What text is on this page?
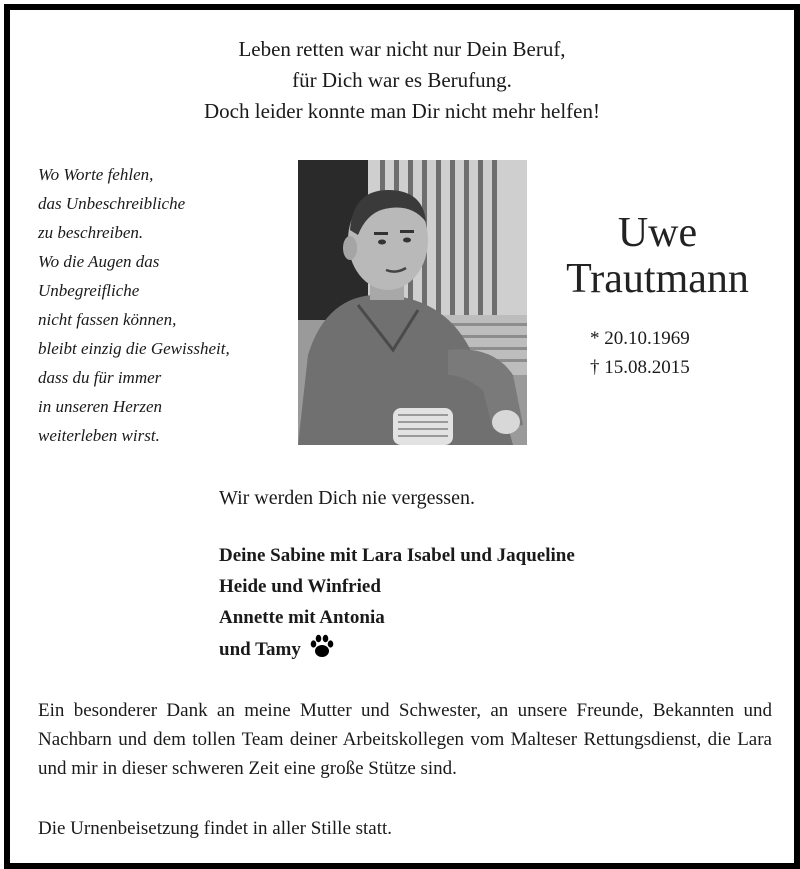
Leben retten war nicht nur Dein Beruf,
für Dich war es Berufung.
Doch leider konnte man Dir nicht mehr helfen!
Wo Worte fehlen,
das Unbeschreibliche
zu beschreiben.
Wo die Augen das
Unbegreifliche
nicht fassen können,
bleibt einzig die Gewissheit,
dass du für immer
in unseren Herzen
weiterleben wirst.
Uwe
Trautmann
* 20.10.1969
† 15.08.2015
Wir werden Dich nie vergessen.
Deine Sabine mit Lara Isabel und Jaqueline
Heide und Winfried
Annette mit Antonia
und Tamy
Ein besonderer Dank an meine Mutter und Schwester, an unsere Freunde, Bekannten und Nachbarn und dem tollen Team deiner Arbeitskollegen vom Malteser Rettungsdienst, die Lara und mir in dieser schweren Zeit eine große Stütze sind.
Die Urnenbeisetzung findet in aller Stille statt.
